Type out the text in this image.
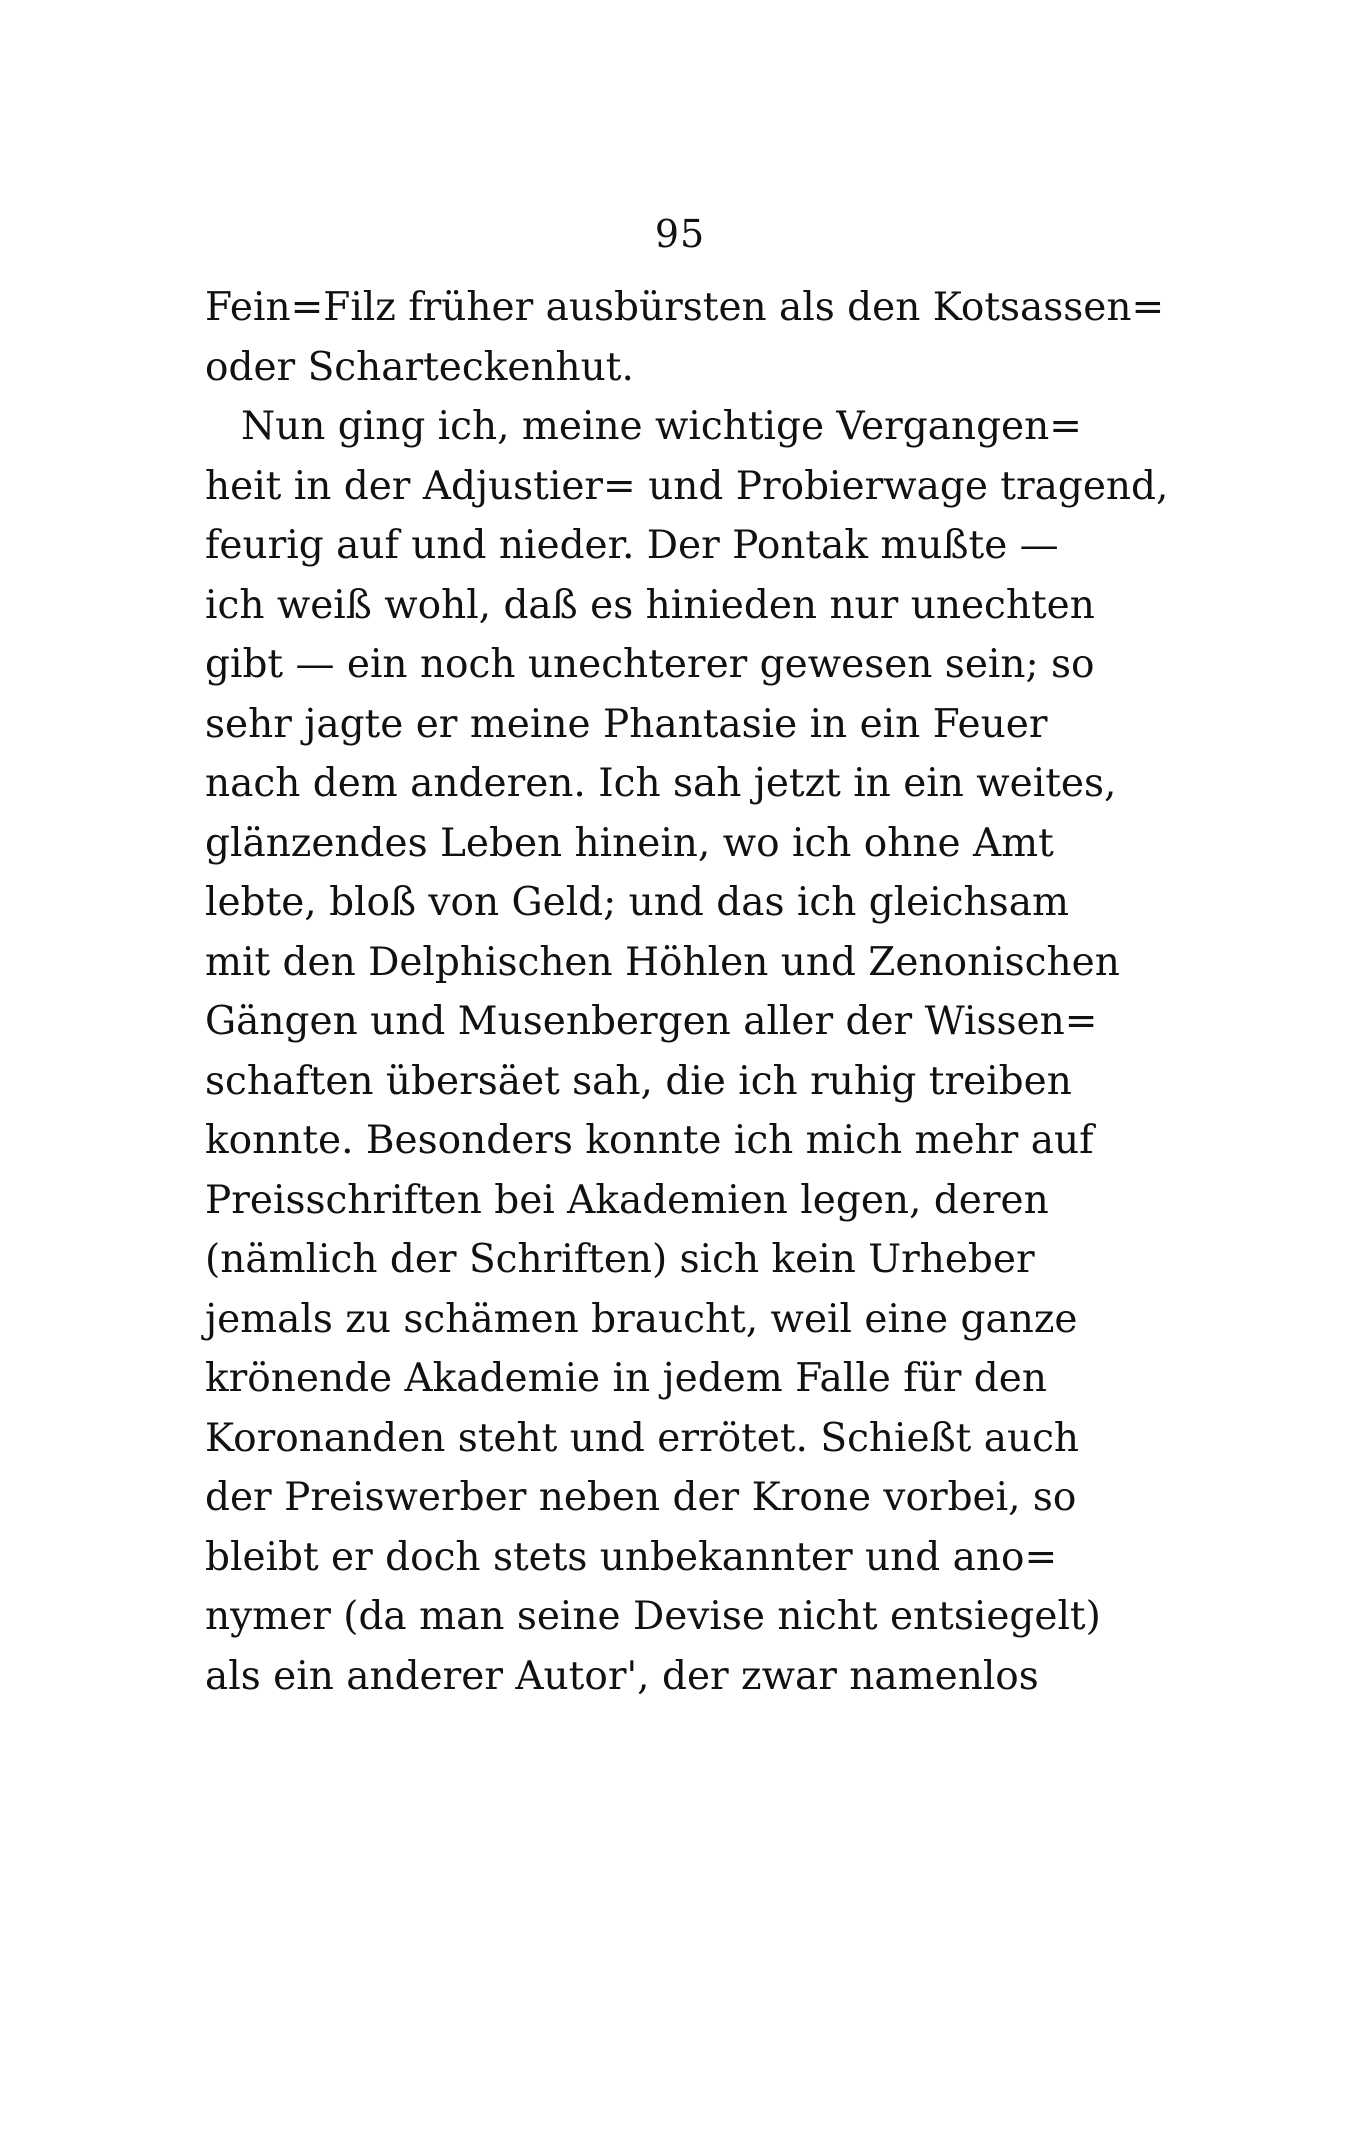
95
Fein=Filz früher ausbürsten als den Kotsassen=
oder Scharteckenhut.
Nun ging ich, meine wichtige Vergangen=
heit in der Adjustier= und Probierwage tragend,
feurig auf und nieder. Der Pontak mußte —
ich weiß wohl, daß es hinieden nur unechten
gibt — ein noch unechterer gewesen sein; so
sehr jagte er meine Phantasie in ein Feuer
nach dem anderen. Ich sah jetzt in ein weites,
glänzendes Leben hinein, wo ich ohne Amt
lebte, bloß von Geld; und das ich gleichsam
mit den Delphischen Höhlen und Zenonischen
Gängen und Musenbergen aller der Wissen=
schaften übersäet sah, die ich ruhig treiben
konnte. Besonders konnte ich mich mehr auf
Preisschriften bei Akademien legen, deren
(nämlich der Schriften) sich kein Urheber
jemals zu schämen braucht, weil eine ganze
krönende Akademie in jedem Falle für den
Koronanden steht und errötet. Schießt auch
der Preiswerber neben der Krone vorbei, so
bleibt er doch stets unbekannter und ano=
nymer (da man seine Devise nicht entsiegelt)
als ein anderer Autor', der zwar namenlos
